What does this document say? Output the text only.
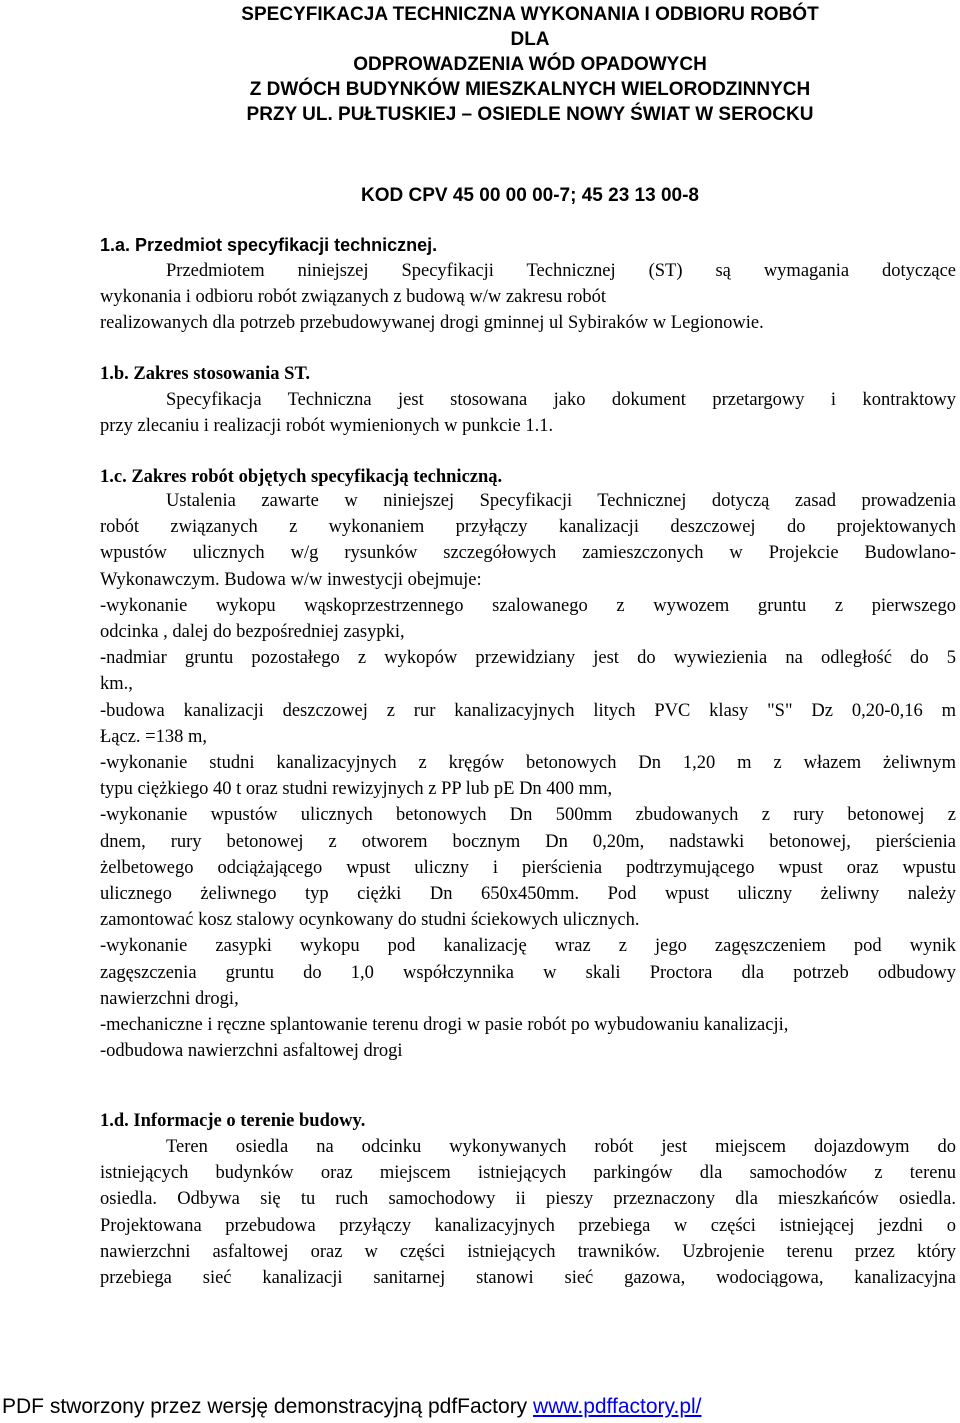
SPECYFIKACJA TECHNICZNA WYKONANIA I ODBIORU ROBÓT
DLA
ODPROWADZENIA WÓD OPADOWYCH
Z DWÓCH BUDYNKÓW MIESZKALNYCH WIELORODZINNYCH
PRZY UL. PUŁTUSKIEJ – OSIEDLE NOWY ŚWIAT W SEROCKU
KOD CPV 45 00 00 00-7; 45 23 13 00-8
1.a. Przedmiot specyfikacji technicznej.
Przedmiotem niniejszej Specyfikacji Technicznej (ST) są wymagania dotyczące
wykonania i odbioru robót związanych z budową w/w zakresu robót
realizowanych dla potrzeb przebudowywanej drogi gminnej ul Sybiraków w Legionowie.
1.b. Zakres stosowania ST.
Specyfikacja Techniczna jest stosowana jako dokument przetargowy i kontraktowy
przy zlecaniu i realizacji robót wymienionych w punkcie 1.1.
1.c. Zakres robót objętych specyfikacją techniczną.
Ustalenia zawarte w niniejszej Specyfikacji Technicznej dotyczą zasad prowadzenia
robót związanych z wykonaniem przyłączy kanalizacji deszczowej do projektowanych
wpustów ulicznych w/g rysunków szczegółowych zamieszczonych w Projekcie Budowlano-
Wykonawczym. Budowa w/w inwestycji obejmuje:
-wykonanie wykopu wąskoprzestrzennego szalowanego z wywozem gruntu z pierwszego
odcinka , dalej do bezpośredniej zasypki,
-nadmiar gruntu pozostałego z wykopów przewidziany jest do wywiezienia na odległość do 5
km.,
-budowa kanalizacji deszczowej z rur kanalizacyjnych litych PVC klasy "S" Dz 0,20-0,16 m
Łącz. =138 m,
-wykonanie studni kanalizacyjnych z kręgów betonowych Dn 1,20 m z włazem żeliwnym
typu ciężkiego 40 t oraz studni rewizyjnych z PP lub pE Dn 400 mm,
-wykonanie wpustów ulicznych betonowych Dn 500mm zbudowanych z rury betonowej z
dnem, rury betonowej z otworem bocznym Dn 0,20m, nadstawki betonowej, pierścienia
żelbetowego odciążającego wpust uliczny i pierścienia podtrzymującego wpust oraz wpustu
ulicznego żeliwnego typ ciężki Dn 650x450mm. Pod wpust uliczny żeliwny należy
zamontować kosz stalowy ocynkowany do studni ściekowych ulicznych.
-wykonanie zasypki wykopu pod kanalizację wraz z jego zagęszczeniem pod wynik
zagęszczenia gruntu do 1,0 współczynnika w skali Proctora dla potrzeb odbudowy
nawierzchni drogi,
-mechaniczne i ręczne splantowanie terenu drogi w pasie robót po wybudowaniu kanalizacji,
-odbudowa nawierzchni asfaltowej drogi
1.d. Informacje o terenie budowy.
Teren osiedla na odcinku wykonywanych robót jest miejscem dojazdowym do
istniejących budynków oraz miejscem istniejących parkingów dla samochodów z terenu
osiedla. Odbywa się tu ruch samochodowy ii pieszy przeznaczony dla mieszkańców osiedla.
Projektowana przebudowa przyłączy kanalizacyjnych przebiega w części istniejącej jezdni o
nawierzchni asfaltowej oraz w części istniejących trawników. Uzbrojenie terenu przez który
przebiega sieć kanalizacji sanitarnej stanowi sieć gazowa, wodociągowa, kanalizacyjna
PDF stworzony przez wersję demonstracyjną pdfFactory www.pdffactory.pl/
